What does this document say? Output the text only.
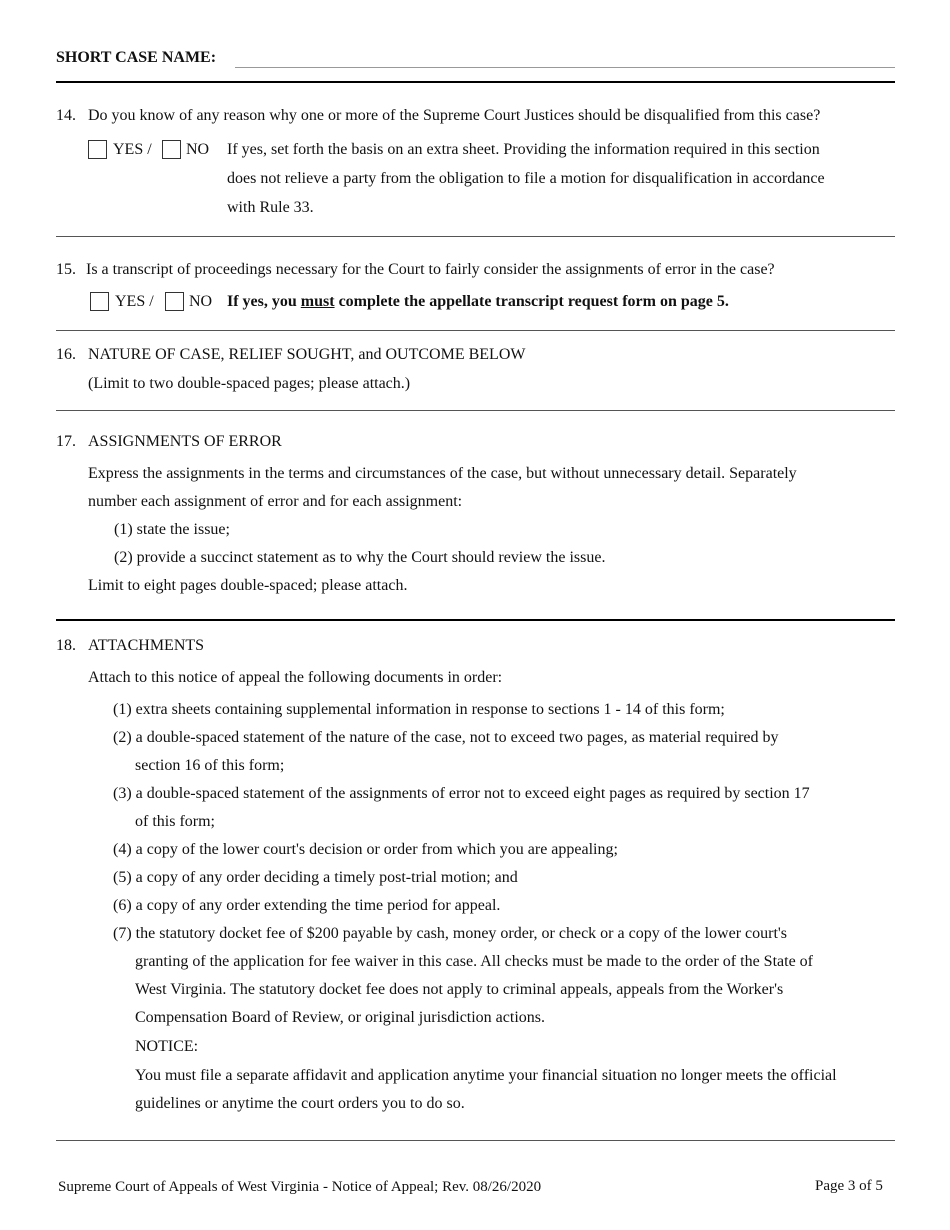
SHORT CASE NAME:
14. Do you know of any reason why one or more of the Supreme Court Justices should be disqualified from this case?
YES / NO If yes, set forth the basis on an extra sheet. Providing the information required in this section
does not relieve a party from the obligation to file a motion for disqualification in accordance
with Rule 33.
15. Is a transcript of proceedings necessary for the Court to fairly consider the assignments of error in the case?
YES / NO If yes, you must complete the appellate transcript request form on page 5.
16. NATURE OF CASE, RELIEF SOUGHT, and OUTCOME BELOW
(Limit to two double-spaced pages; please attach.)
17. ASSIGNMENTS OF ERROR
Express the assignments in the terms and circumstances of the case, but without unnecessary detail. Separately
number each assignment of error and for each assignment:
(1) state the issue;
(2) provide a succinct statement as to why the Court should review the issue.
Limit to eight pages double-spaced; please attach.
18. ATTACHMENTS
Attach to this notice of appeal the following documents in order:
(1) extra sheets containing supplemental information in response to sections 1 - 14 of this form;
(2) a double-spaced statement of the nature of the case, not to exceed two pages, as material required by
section 16 of this form;
(3) a double-spaced statement of the assignments of error not to exceed eight pages as required by section 17
of this form;
(4) a copy of the lower court's decision or order from which you are appealing;
(5) a copy of any order deciding a timely post-trial motion; and
(6) a copy of any order extending the time period for appeal.
(7) the statutory docket fee of $200 payable by cash, money order, or check or a copy of the lower court's
granting of the application for fee waiver in this case. All checks must be made to the order of the State of
West Virginia. The statutory docket fee does not apply to criminal appeals, appeals from the Worker's
Compensation Board of Review, or original jurisdiction actions.
NOTICE:
You must file a separate affidavit and application anytime your financial situation no longer meets the official
guidelines or anytime the court orders you to do so.
Supreme Court of Appeals of West Virginia - Notice of Appeal; Rev. 08/26/2020	Page 3 of 5
